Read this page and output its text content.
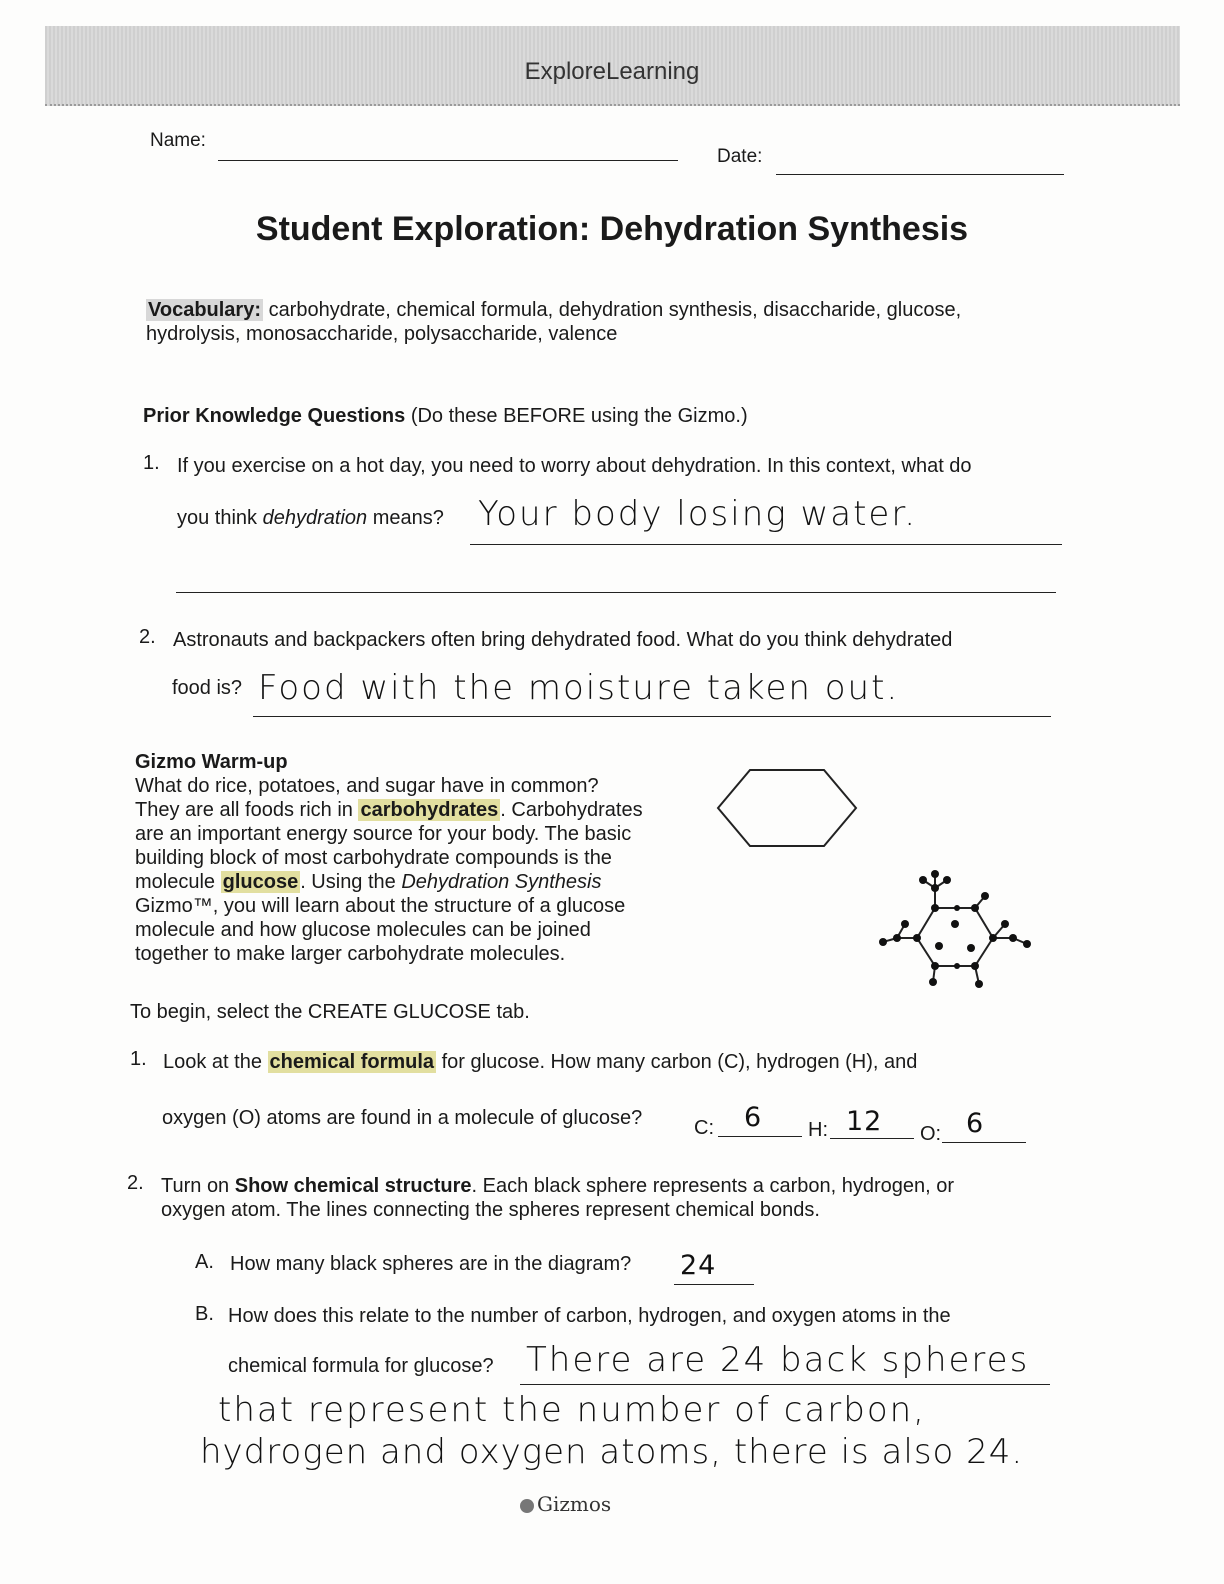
ExploreLearning
Name:
Date:
Student Exploration: Dehydration Synthesis
Vocabulary: carbohydrate, chemical formula, dehydration synthesis, disaccharide, glucose,
hydrolysis, monosaccharide, polysaccharide, valence
Prior Knowledge Questions (Do these BEFORE using the Gizmo.)
1. If you exercise on a hot day, you need to worry about dehydration. In this context, what do
you think dehydration means? Your body losing water.
2. Astronauts and backpackers often bring dehydrated food. What do you think dehydrated
food is? Food with the moisture taken out.
Gizmo Warm-up
What do rice, potatoes, and sugar have in common?
They are all foods rich in carbohydrates . Carbohydrates
are an important energy source for your body. The basic
building block of most carbohydrate compounds is the
molecule glucose . Using the Dehydration Synthesis
Gizmo™, you will learn about the structure of a glucose
molecule and how glucose molecules can be joined
together to make larger carbohydrate molecules.
To begin, select the CREATE GLUCOSE tab.
1. Look at the chemical formula for glucose. How many carbon (C), hydrogen (H), and
oxygen (O) atoms are found in a molecule of glucose?	C: 6 H: 12 O: 6
2. Turn on Show chemical structure. Each black sphere represents a carbon, hydrogen, or
oxygen atom. The lines connecting the spheres represent chemical bonds.
A. How many black spheres are in the diagram? 24
B. How does this relate to the number of carbon, hydrogen, and oxygen atoms in the
chemical formula for glucose? There are 24 back spheres
that represent the number of carbon,
hydrogen and oxygen atoms, there is also 24.
Gizmos
